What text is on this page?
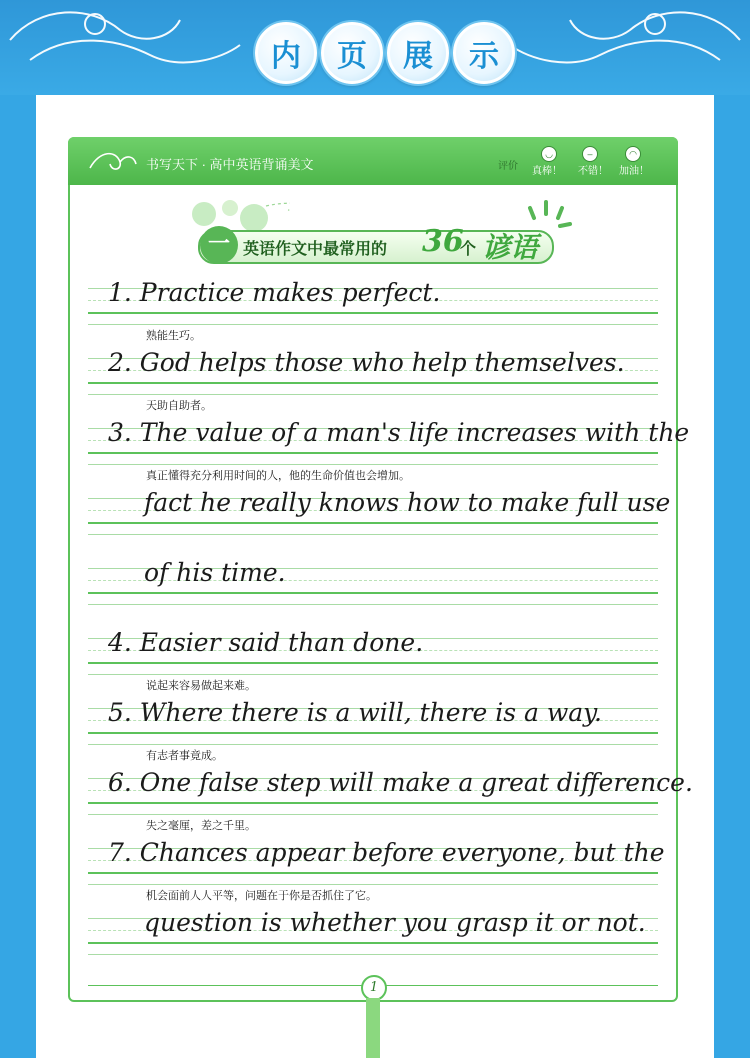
内	页	展	示
书写天下 · 高中英语背诵美文	评价
◡	–	◠
真棒！ 不错！ 加油！
一 英语作文中最常用的 36
个 谚语
1. Practice makes perfect.
熟能生巧。
2. God helps those who help themselves.
天助自助者。
3. The value of a man's life increases with the
真正懂得充分利用时间的人，他的生命价值也会增加。
fact he really knows how to make full use
of his time.
4. Easier said than done.
说起来容易做起来难。
5. Where there is a will, there is a way.
有志者事竟成。
6. One false step will make a great difference.
失之毫厘，差之千里。
7. Chances appear before everyone, but the
机会面前人人平等，问题在于你是否抓住了它。
question is whether you grasp it or not.
1
